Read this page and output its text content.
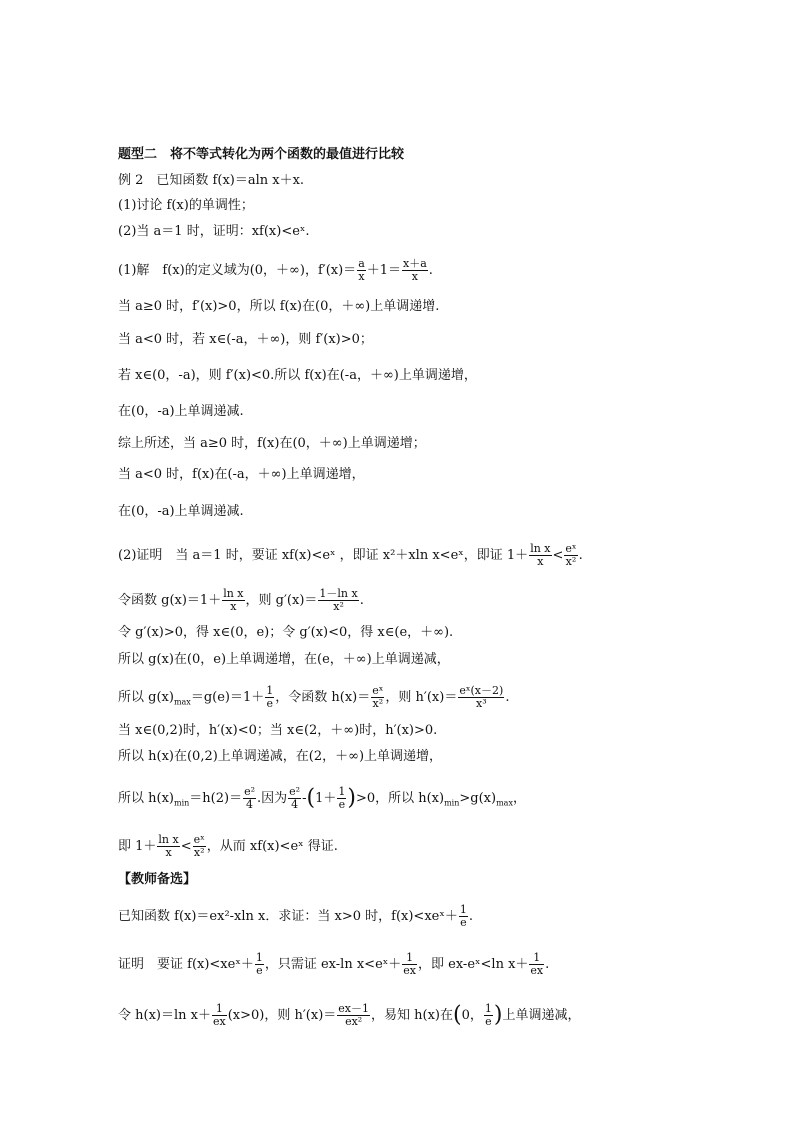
题型二　将不等式转化为两个函数的最值进行比较
例 2　 已知函数 f(x)＝aln x＋x.
(1)讨论 f(x)的单调性；
(2)当 a＝1 时，证明：xf(x)<eˣ.
(1)解　f(x)的定义域为(0，＋∞)，$f'(x)= \frac{a}{x} +1= \frac{x+a}{x}$ .
当 a≥0 时，f′(x)>0，所以 f(x)在(0，＋∞)上单调递增.
当 a<0 时，若 x∈(-a，＋∞)，则 f′(x)>0；
若 x∈(0，-a)，则 f′(x)<0.所以 f(x)在(-a，＋∞)上单调递增，
在(0，-a)上单调递减.
综上所述，当 a≥0 时，f(x)在(0，＋∞)上单调递增；
当 a<0 时，f(x)在(-a，＋∞)上单调递增，
在(0，-a)上单调递减.
(2)证明　当 a＝1 时，要证 xf(x)<eˣ ，即证 x²＋xln x<eˣ，即证 $1+ \frac{\text{ln x}}{x} < \frac{\text{eˣ}}{\text{x²}}$ .
令函数 $g(x)=1+ \frac{\text{ln x}}{x}$ ，则 $g'(x)= \frac{\text{1－ln x}}{\text{x²}}$ .
令 g′(x)>0，得 x∈(0，e)；令 g′(x)<0，得 x∈(e，＋∞).
所以 g(x)在(0，e)上单调递增，在(e，＋∞)上单调递减，
所以 $g(x)_{max}=g(e)=1+ \frac{1}{e}$ ，令函数 $h(x)= \frac{\text{eˣ}}{\text{x²}}$ ，则 $h'(x)= \frac{\text{eˣ(x－2)}}{\text{x³}}$ .
当 x∈(0,2)时，h′(x)<0；当 x∈(2，＋∞)时，h′(x)>0.
所以 h(x)在(0,2)上单调递减，在(2，＋∞)上单调递增，
所以 $h(x)_{min}=h(2)= \frac{\text{e²}}{4}$ .因为 $\frac{\text{e²}}{4} -(1+ \frac{1}{e} )>0$，所以 $h(x)_{min}>g(x)_{max}$，
即 $1+ \frac{\text{ln x}}{x} < \frac{\text{eˣ}}{\text{x²}}$ ，从而 xf(x)<eˣ 得证.
【教师备选】
已知函数 f(x)＝ex²-xln x．求证：当 x>0 时，f(x)<xeˣ＋ $\frac{1}{e}$ .
证明　要证 f(x)<xeˣ＋ $\frac{1}{e}$ ，只需证 ex-ln x<eˣ＋ $\frac{1}{ex}$ ，即 ex-eˣ<ln $x+ \frac{1}{ex}$ .
令 h(x)＝ln $x+ \frac{1}{ex} (x>0)$，则 $h'(x)= \frac{ex-1}{\text{ex²}}$ ，易知 h(x)在(0， $\frac{1}{e}$ )上单调递减，
